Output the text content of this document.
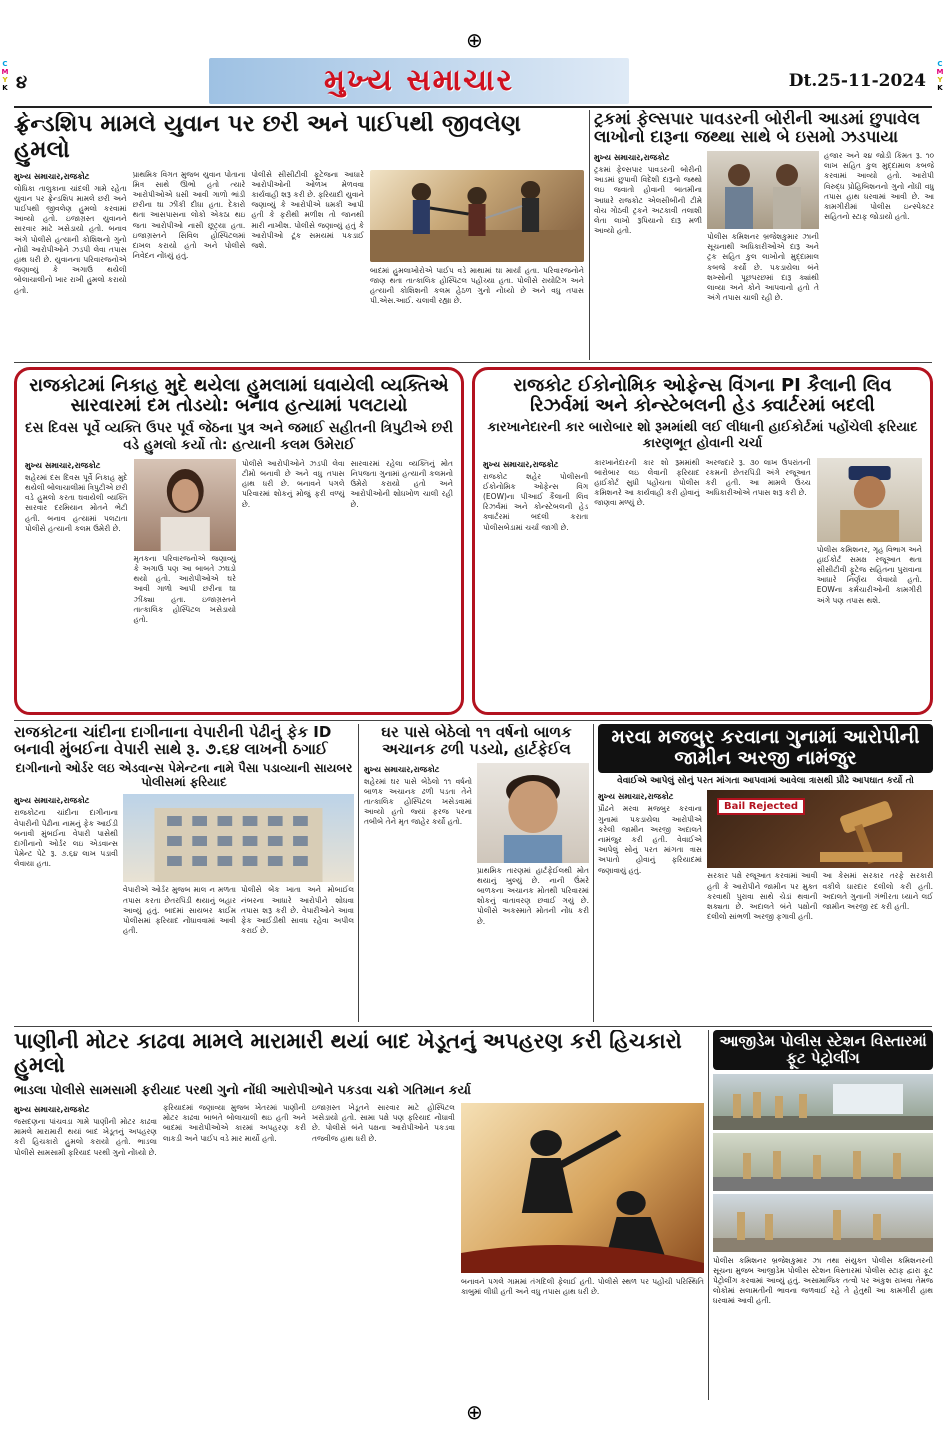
⊕
⊕
C
M
Y
K
C
M
Y
K
૪	મુખ્ય સમાચાર	Dt.25-11-2024
ફ્રેન્ડશિપ મામલે યુવાન પર છરી અને પાઈપથી જીવલેણ હુમલો
મુખ્ય સમાચાર,રાજકોટ
લોધિકા તાલુકાના ચાંદલી ગામે રહેતા યુવાન પર ફ્રેન્ડશિપ મામલે છરી અને પાઈપથી જીવલેણ હુમલો કરવામાં આવ્યો હતો. ઇજાગ્રસ્ત યુવાનને સારવાર માટે ખસેડાયો હતો. બનાવ અંગે પોલીસે હત્યાની કોશિશનો ગુનો નોંધી આરોપીઓને ઝડપી લેવા તપાસ હાથ ધરી છે. યુવાનના પરિવારજનોએ જણાવ્યું કે અગાઉ થયેલી બોલાચાલીનો ખાર રાખી હુમલો કરાયો હતો.
પ્રાથમિક વિગત મુજબ યુવાન પોતાના મિત્ર સાથે ઊભો હતો ત્યારે આરોપીઓએ ધસી આવી ગાળો ભાંડી છરીના ઘા ઝીંકી દીધા હતા. દેકારો થતા આસપાસના લોકો એકઠા થઇ જતા આરોપીઓ નાસી છૂટ્યા હતા. ઇજાગ્રસ્તને સિવિલ હોસ્પિટલમાં દાખલ કરાયો હતો અને પોલીસે નિવેદન નોંધ્યું હતું.
પોલીસે સીસીટીવી ફૂટેજના આધારે આરોપીઓની ઓળખ મેળવવા કાર્યવાહી શરૂ કરી છે. ફરિયાદી યુવાને જણાવ્યું કે આરોપીએ ધમકી આપી હતી કે ફરીથી મળીશ તો જાનથી મારી નાખીશ. પોલીસે જણાવ્યું હતું કે આરોપીઓ ટૂંક સમયમાં પકડાઈ જશે.
બાદમાં હુમલાખોરોએ પાઈપ વડે માથામાં ઘા માર્યા હતા. પરિવારજનોને જાણ થતા તાત્કાલિક હોસ્પિટલ પહોંચ્યા હતા. પોલીસે રાયોટિંગ અને હત્યાની કોશિશની કલમ હેઠળ ગુનો નોંધ્યો છે અને વધુ તપાસ પી.એસ.આઈ. ચલાવી રહ્યા છે.
ટ્રકમાં ફેલ્સપાર પાવડરની બોરીની આડમાં છુપાવેલ લાખોનો દારૂના જથ્થા સાથે બે ઇસમો ઝડપાયા
મુખ્ય સમાચાર,રાજકોટ
ટ્રકમાં ફેલ્સપાર પાવડરની બોરીની આડમાં છુપાવી વિદેશી દારૂનો જથ્થો લઇ જવાતો હોવાની બાતમીના આધારે રાજકોટ એલસીબીની ટીમે વોચ ગોઠવી ટ્રકને અટકાવી તલાશી લેતા લાખો રૂપિયાનો દારૂ મળી આવ્યો હતો.
પોલીસ કમિશનર બ્રજેશકુમાર ઝાની સૂચનાથી અધિકારીઓએ દારૂ અને ટ્રક સહિત કુલ લાખોનો મુદ્દામાલ કબજે કર્યો છે. પકડાયેલા બંને શખ્સોની પૂછપરછમાં દારૂ ક્યાંથી લાવ્યા અને કોને આપવાનો હતો તે અંગે તપાસ ચાલી રહી છે.
હજાર અને ૨૪ જોડી કિંમત રૂ. ૧૦ લાખ સહિત કુલ મુદ્દામાલ કબજે કરવામાં આવ્યો હતો. આરોપી વિરુદ્ધ પ્રોહિબિશનનો ગુનો નોંધી વધુ તપાસ હાથ ધરવામાં આવી છે. આ કામગીરીમાં પોલીસ ઇન્સ્પેક્ટર સહિતનો સ્ટાફ જોડાયો હતો.
રાજકોટમાં નિકાહ મુદે થયેલા હુમલામાં ઘવાયેલી વ્યક્તિએ સારવારમાં દમ તોડયો: બનાવ હત્યામાં પલટાયો
દસ દિવસ પૂર્વે વ્યક્તિ ઉપર પૂર્વ જેઠના પુત્ર અને જમાઈ સહીતની ત્રિપુટીએ છરી વડે હુમલો કર્યો તો: હત્યાની કલમ ઉમેરાઈ
મુખ્ય સમાચાર,રાજકોટ
શહેરમાં દસ દિવસ પૂર્વે નિકાહ મુદે થયેલી બોલાચાલીમાં ત્રિપુટીએ છરી વડે હુમલો કરતા ઘવાયેલી વ્યક્તિ સારવાર દરમિયાન મોતને ભેટી હતી. બનાવ હત્યામાં પલટાતા પોલીસે હત્યાની કલમ ઉમેરી છે.
મૃતકના પરિવારજનોએ જણાવ્યું કે અગાઉ પણ આ બાબતે ઝઘડો થયો હતો. આરોપીઓએ ઘરે આવી ગાળો આપી છરીના ઘા ઝીંક્યા હતા. ઇજાગ્રસ્તને તાત્કાલિક હોસ્પિટલ ખસેડાયો હતો.
પોલીસે આરોપીઓને ઝડપી લેવા ટીમો બનાવી છે અને વધુ તપાસ હાથ ધરી છે. બનાવને પગલે પરિવારમાં શોકનું મોજું ફરી વળ્યું છે.
સારવારમાં રહેલા વ્યક્તિનું મોત નિપજતા ગુનામાં હત્યાની કલમનો ઉમેરો કરાયો હતો અને આરોપીઓની શોધખોળ ચાલી રહી છે.
રાજકોટ ઈકોનોમિક ઓફેન્સ વિંગના PI કૈલાની લિવ રિઝર્વમાં અને કોન્સ્ટેબલની હેડ ક્વાર્ટરમાં બદલી
કારખાનેદારની કાર બારોબાર શો રૂમમાંથી લઈ લીધાની હાઈકોર્ટમાં પહોંચેલી ફરિયાદ કારણભૂત હોવાની ચર્ચા
મુખ્ય સમાચાર,રાજકોટ
રાજકોટ શહેર પોલીસની ઈકોનોમિક ઓફેન્સ વિંગ (EOW)ના પીઆઈ કૈલાની લિવ રિઝર્વમાં અને કોન્સ્ટેબલની હેડ ક્વાર્ટરમાં બદલી કરાતા પોલીસબેડામાં ચર્ચા જાગી છે.
કારખાનેદારની કાર શો રૂમમાંથી બારોબાર લઇ લેવાની ફરિયાદ હાઈકોર્ટ સુધી પહોંચતા પોલીસ કમિશનરે આ કાર્યવાહી કરી હોવાનું જાણવા મળ્યું છે.
અરજદારે રૂ. ૩૦ લાખ ઉપરાંતની રકમની છેતરપિંડી અંગે રજૂઆત કરી હતી. આ મામલે ઉચ્ચ અધિકારીઓએ તપાસ શરૂ કરી છે.
પોલીસ કમિશનર, ગૃહ વિભાગ અને હાઈકોર્ટ સમક્ષ રજૂઆત થતા સીસીટીવી ફૂટેજ સહિતના પુરાવાના આધારે નિર્ણય લેવાયો હતો. EOWના કર્મચારીઓની કામગીરી અંગે પણ તપાસ થશે.
રાજકોટના ચાંદીના દાગીનાના વેપારીની પેઢીનું ફેક ID બનાવી મુંબઈના વેપારી સાથે રૂ. ૭.૬૪ લાખની ઠગાઈ
દાગીનાનો ઓર્ડર લઇ એડવાન્સ પેમેન્ટના નામે પૈસા પડાવ્યાની સાયબર પોલીસમાં ફરિયાદ
મુખ્ય સમાચાર,રાજકોટ
રાજકોટના ચાંદીના દાગીનાના વેપારીની પેઢીના નામનું ફેક આઈડી બનાવી મુંબઈના વેપારી પાસેથી દાગીનાનો ઓર્ડર લઇ એડવાન્સ પેમેન્ટ પેટે રૂ. ૭.૬૪ લાખ પડાવી લેવાયા હતા.
વેપારીએ ઓર્ડર મુજબ માલ ન મળતા તપાસ કરતા છેતરપિંડી થયાનું બહાર આવ્યું હતું. બાદમાં સાયબર ક્રાઈમ પોલીસમાં ફરિયાદ નોંધાવવામાં આવી હતી.
પોલીસે બેંક ખાતા અને મોબાઈલ નંબરના આધારે આરોપીને શોધવા તપાસ શરૂ કરી છે. વેપારીઓને આવા ફેક આઈડીથી સાવધ રહેવા અપીલ કરાઈ છે.
ઘર પાસે બેઠેલો ૧૧ વર્ષનો બાળક અચાનક ઢળી પડયો, હાર્ટફેઈલ
મુખ્ય સમાચાર,રાજકોટ
શહેરમાં ઘર પાસે બેઠેલો ૧૧ વર્ષનો બાળક અચાનક ઢળી પડતા તેને તાત્કાલિક હોસ્પિટલ ખસેડવામાં આવ્યો હતો જ્યાં ફરજ પરના તબીબે તેને મૃત જાહેર કર્યો હતો.
પ્રાથમિક તારણમાં હાર્ટફેઈલથી મોત થયાનું ખુલ્યું છે. નાની ઉંમરે બાળકના અચાનક મોતથી પરિવારમાં શોકનું વાતાવરણ છવાઈ ગયું છે. પોલીસે અકસ્માતે મોતની નોંધ કરી છે.
મરવા મજબુર કરવાના ગુનામાં આરોપીની જામીન અરજી નામંજુર
વેવાઈએ આપેલું સોનું પરત માંગતા આપવામાં આવેલા ત્રાસથી પ્રૌઢે આપઘાત કર્યો તો
મુખ્ય સમાચાર,રાજકોટ
પ્રૌઢને મરવા મજબુર કરવાના ગુનામાં પકડાયેલા આરોપીએ કરેલી જામીન અરજી અદાલતે નામંજુર કરી હતી. વેવાઈએ આપેલું સોનું પરત માંગતા ત્રાસ અપાતો હોવાનું ફરિયાદમાં જણાવાયું હતું.
Bail Rejected
સરકાર પક્ષે રજૂઆત કરવામાં આવી હતી કે આરોપીને જામીન પર મુક્ત કરવાથી પુરાવા સાથે ચેડાં થવાની શક્યતા છે. અદાલતે બંને પક્ષોની દલીલો સાંભળી અરજી ફગાવી હતી.
આ કેસમાં સરકાર તરફે સરકારી વકીલે ધારદાર દલીલો કરી હતી. અદાલતે ગુનાની ગંભીરતા ધ્યાને લઈ જામીન અરજી રદ કરી હતી.
પાણીની મોટર કાઢવા મામલે મારામારી થયાં બાદ ખેડૂતનું અપહરણ કરી હિચકારો હુમલો
ભાડલા પોલીસે સામસામી ફરીયાદ પરથી ગુનો નોંધી આરોપીઓને પકડવા ચક્રો ગતિમાન કર્યા
મુખ્ય સમાચાર,રાજકોટ
જસદણના પાંચવડા ગામે પાણીની મોટર કાઢવા મામલે મારામારી થયાં બાદ ખેડૂતનું અપહરણ કરી હિચકારો હુમલો કરાયો હતો. ભાડલા પોલીસે સામસામી ફરિયાદ પરથી ગુનો નોંધ્યો છે.
ફરિયાદમાં જણાવ્યા મુજબ ખેતરમાં પાણીની મોટર કાઢવા બાબતે બોલાચાલી થઇ હતી અને બાદમાં આરોપીઓએ કારમાં અપહરણ કરી લાકડી અને પાઈપ વડે માર માર્યો હતો.
ઇજાગ્રસ્ત ખેડૂતને સારવાર માટે હોસ્પિટલ ખસેડાયો હતો. સામા પક્ષે પણ ફરિયાદ નોંધાવી છે. પોલીસે બંને પક્ષના આરોપીઓને પકડવા તજવીજ હાથ ધરી છે.
બનાવને પગલે ગામમાં તંગદિલી ફેલાઈ હતી. પોલીસે સ્થળ પર પહોંચી પરિસ્થિતિ કાબુમાં લીધી હતી અને વધુ તપાસ હાથ ધરી છે.
આજીડેમ પોલીસ સ્ટેશન વિસ્તારમાં ફૂટ પેટ્રોલીંગ
પોલીસ કમિશનર બ્રજેશકુમાર ઝા તથા સંયુક્ત પોલીસ કમિશનરની સૂચના મુજબ આજીડેમ પોલીસ સ્ટેશન વિસ્તારમાં પોલીસ સ્ટાફ દ્વારા ફૂટ પેટ્રોલીંગ કરવામાં આવ્યું હતું. અસામાજિક તત્વો પર અંકુશ રાખવા તેમજ લોકોમાં સલામતીની ભાવના જળવાઈ રહે તે હેતુથી આ કામગીરી હાથ ધરવામાં આવી હતી.
